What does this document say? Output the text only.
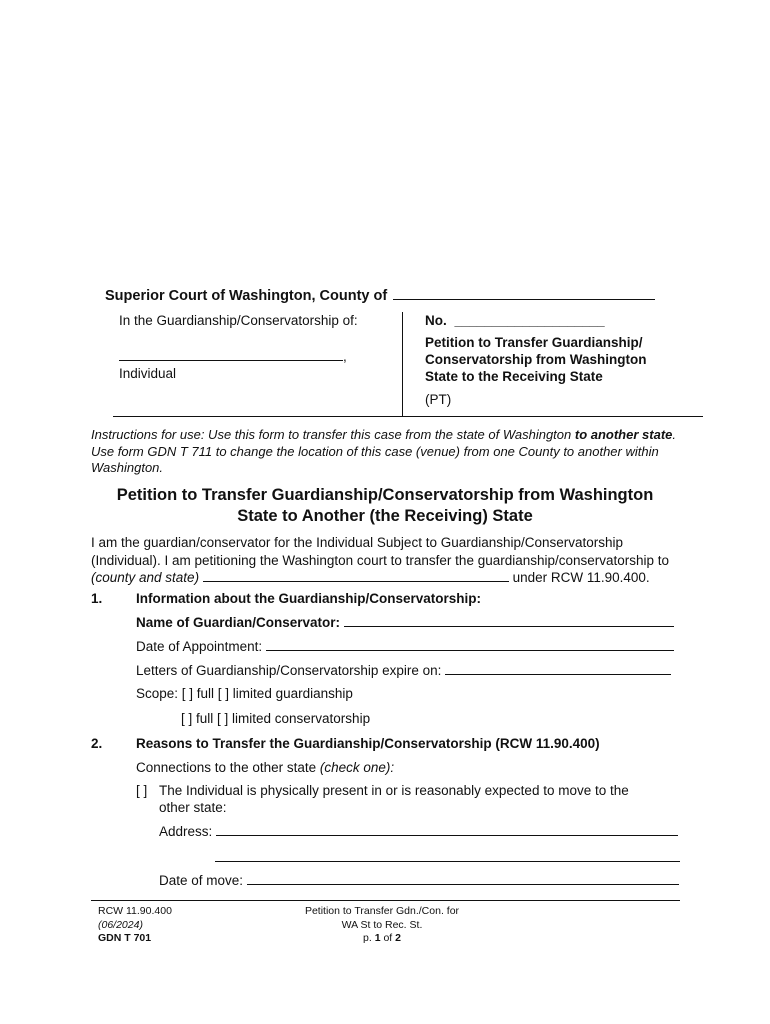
Superior Court of Washington, County of
In the Guardianship/Conservatorship of:
,
Individual
No. ____________________
Petition to Transfer Guardianship/
Conservatorship from Washington
State to the Receiving State
(PT)
Instructions for use: Use this form to transfer this case from the state of Washington to another state. Use form GDN T 711 to change the location of this case (venue) from one County to another within Washington.
Petition to Transfer Guardianship/Conservatorship from Washington
State to Another (the Receiving) State
I am the guardian/conservator for the Individual Subject to Guardianship/Conservatorship (Individual). I am petitioning the Washington court to transfer the guardianship/conservatorship to (county and state)	under RCW 11.90.400.
1. Information about the Guardianship/Conservatorship:
Name of Guardian/Conservator:
Date of Appointment:
Letters of Guardianship/Conservatorship expire on:
Scope: [ ] full [ ] limited guardianship
[ ] full [ ] limited conservatorship
2. Reasons to Transfer the Guardianship/Conservatorship (RCW 11.90.400)
Connections to the other state (check one):
[ ] The Individual is physically present in or is reasonably expected to move to the
other state:
Address:
Date of move:
RCW 11.90.400
(06/2024)
GDN T 701
Petition to Transfer Gdn./Con. for
WA St to Rec. St.
p. 1 of 2
